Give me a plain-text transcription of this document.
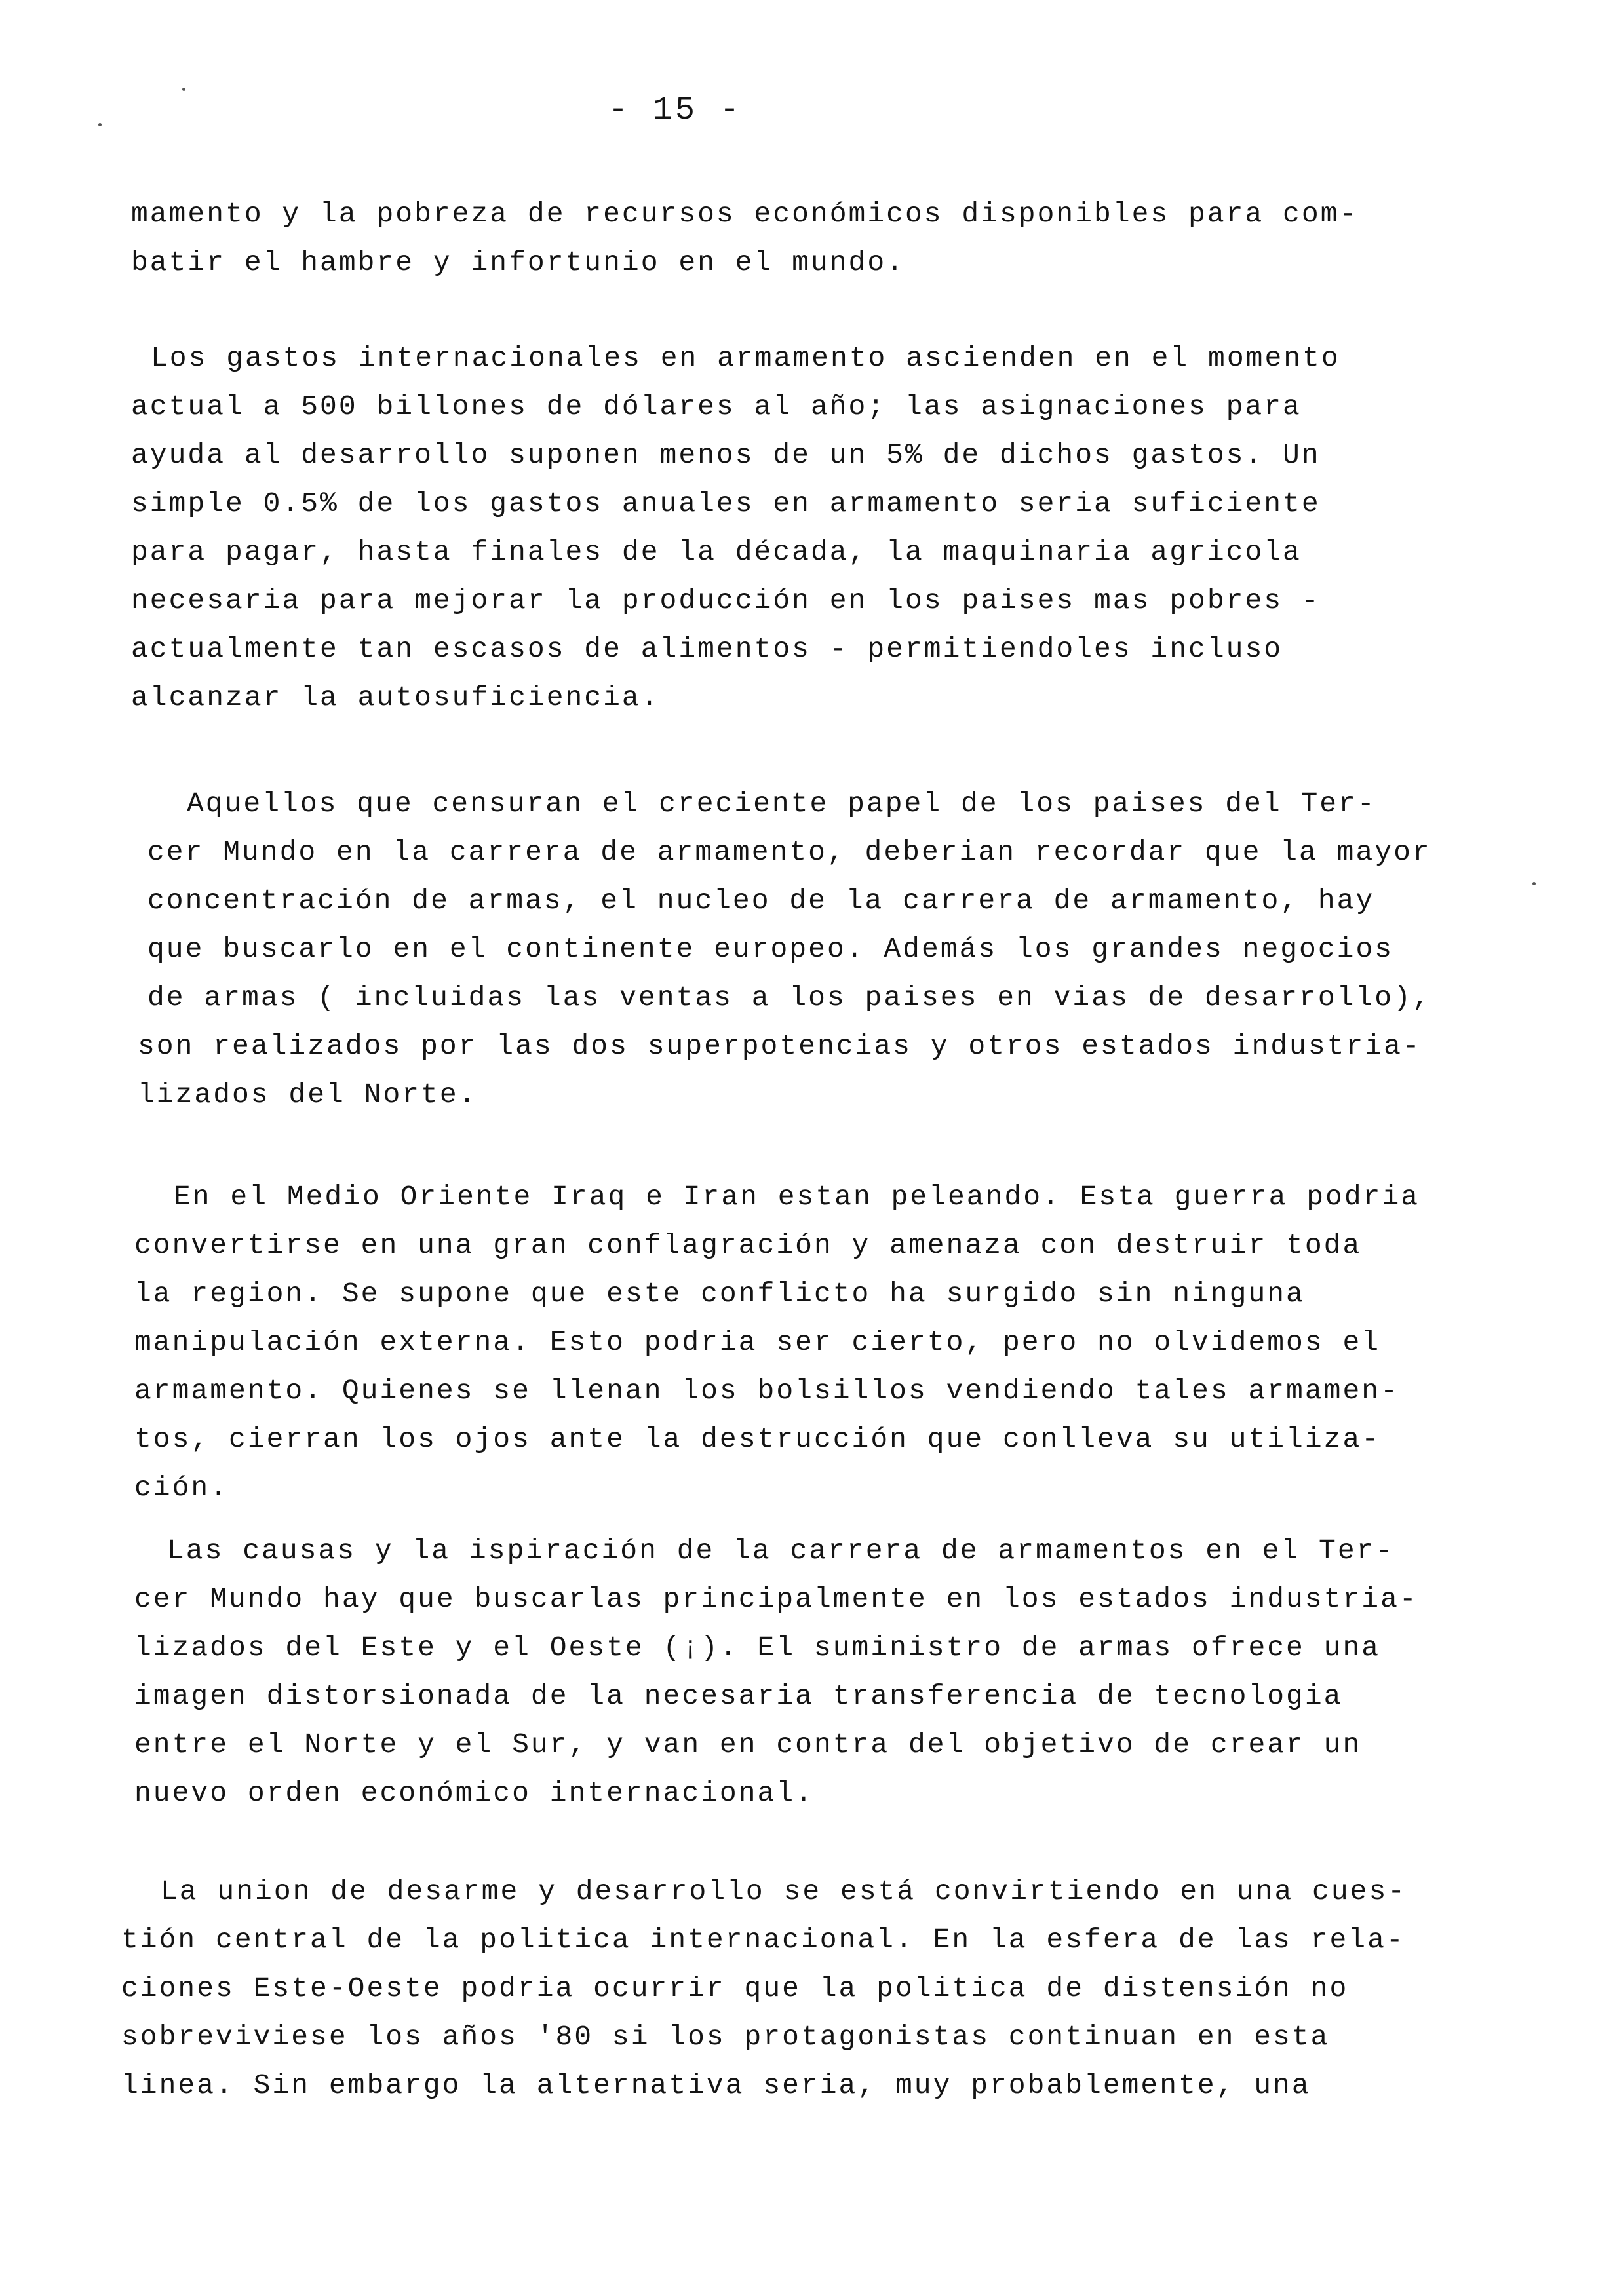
- 15 -
mamento y la pobreza de recursos económicos disponibles para com-
batir el hambre y infortunio en el mundo.
Los gastos internacionales en armamento ascienden en el momento
actual a 500 billones de dólares al año; las asignaciones para
ayuda al desarrollo suponen menos de un 5% de dichos gastos. Un
simple 0.5% de los gastos anuales en armamento seria suficiente
para pagar, hasta finales de la década, la maquinaria agricola
necesaria para mejorar la producción en los paises mas pobres -
actualmente tan escasos de alimentos - permitiendoles incluso
alcanzar la autosuficiencia.
Aquellos que censuran el creciente papel de los paises del Ter-
cer Mundo en la carrera de armamento, deberian recordar que la mayor
concentración de armas, el nucleo de la carrera de armamento, hay
que buscarlo en el continente europeo. Además los grandes negocios
de armas ( incluidas las ventas a los paises en vias de desarrollo),
son realizados por las dos superpotencias y otros estados industria-
lizados del Norte.
En el Medio Oriente Iraq e Iran estan peleando. Esta guerra podria
convertirse en una gran conflagración y amenaza con destruir toda
la region. Se supone que este conflicto ha surgido sin ninguna
manipulación externa. Esto podria ser cierto, pero no olvidemos el
armamento. Quienes se llenan los bolsillos vendiendo tales armamen-
tos, cierran los ojos ante la destrucción que conlleva su utiliza-
ción.
Las causas y la ispiración de la carrera de armamentos en el Ter-
cer Mundo hay que buscarlas principalmente en los estados industria-
lizados del Este y el Oeste (¡). El suministro de armas ofrece una
imagen distorsionada de la necesaria transferencia de tecnologia
entre el Norte y el Sur, y van en contra del objetivo de crear un
nuevo orden económico internacional.
La union de desarme y desarrollo se está convirtiendo en una cues-
tión central de la politica internacional. En la esfera de las rela-
ciones Este-Oeste podria ocurrir que la politica de distensión no
sobreviviese los años '80 si los protagonistas continuan en esta
linea. Sin embargo la alternativa seria, muy probablemente, una
